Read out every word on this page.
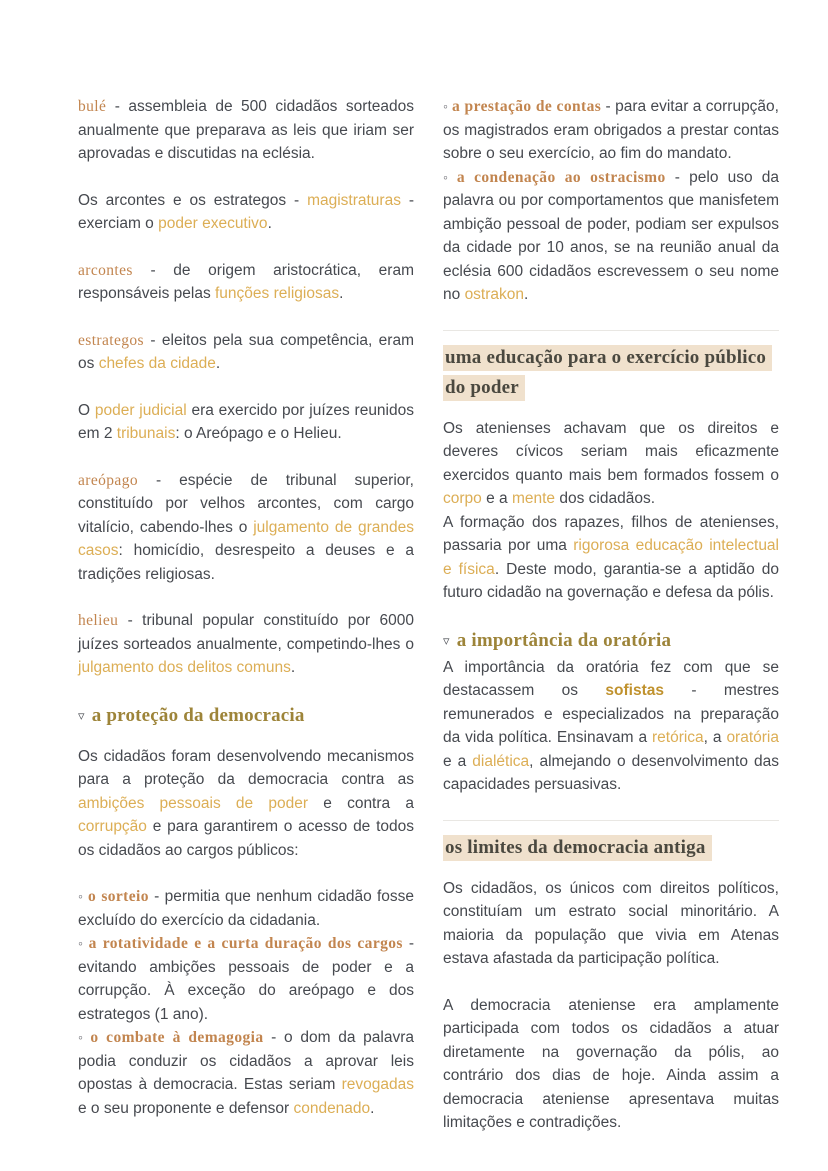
bulé - assembleia de 500 cidadãos sorteados anualmente que preparava as leis que iriam ser aprovadas e discutidas na eclésia.

Os arcontes e os estrategos - magistraturas - exerciam o poder executivo.

arcontes - de origem aristocrática, eram responsáveis pelas funções religiosas.

estrategos - eleitos pela sua competência, eram os chefes da cidade.

O poder judicial era exercido por juízes reunidos em 2 tribunais: o Areópago e o Helieu.

areópago - espécie de tribunal superior, constituído por velhos arcontes, com cargo vitalício, cabendo-lhes o julgamento de grandes casos: homicídio, desrespeito a deuses e a tradições religiosas.

helieu - tribunal popular constituído por 6000 juízes sorteados anualmente, competindo-lhes o julgamento dos delitos comuns.

▿ a proteção da democracia

Os cidadãos foram desenvolvendo mecanismos para a proteção da democracia contra as ambições pessoais de poder e contra a corrupção e para garantirem o acesso de todos os cidadãos ao cargos públicos:

◦ o sorteio - permitia que nenhum cidadão fosse excluído do exercício da cidadania.

◦ a rotatividade e a curta duração dos cargos - evitando ambições pessoais de poder e a corrupção. À exceção do areópago e dos estrategos (1 ano).

◦ o combate à demagogia - o dom da palavra podia conduzir os cidadãos a aprovar leis opostas à democracia. Estas seriam revogadas e o seu proponente e defensor condenado.

◦ a prestação de contas - para evitar a corrupção, os magistrados eram obrigados a prestar contas sobre o seu exercício, ao fim do mandato.

◦ a condenação ao ostracismo - pelo uso da palavra ou por comportamentos que manisfetem ambição pessoal de poder, podiam ser expulsos da cidade por 10 anos, se na reunião anual da eclésia 600 cidadãos escrevessem o seu nome no ostrakon.

uma educação para o exercício público do poder

Os atenienses achavam que os direitos e deveres cívicos seriam mais eficazmente exercidos quanto mais bem formados fossem o corpo e a mente dos cidadãos.

A formação dos rapazes, filhos de atenienses, passaria por uma rigorosa educação intelectual e física. Deste modo, garantia-se a aptidão do futuro cidadão na governação e defesa da pólis.

▿ a importância da oratória

A importância da oratória fez com que se destacassem os sofistas - mestres remunerados e especializados na preparação da vida política. Ensinavam a retórica, a oratória e a dialética, almejando o desenvolvimento das capacidades persuasivas.

os limites da democracia antiga

Os cidadãos, os únicos com direitos políticos, constituíam um estrato social minoritário. A maioria da população que vivia em Atenas estava afastada da participação política.

A democracia ateniense era amplamente participada com todos os cidadãos a atuar diretamente na governação da pólis, ao contrário dos dias de hoje. Ainda assim a democracia ateniense apresentava muitas limitações e contradições.
